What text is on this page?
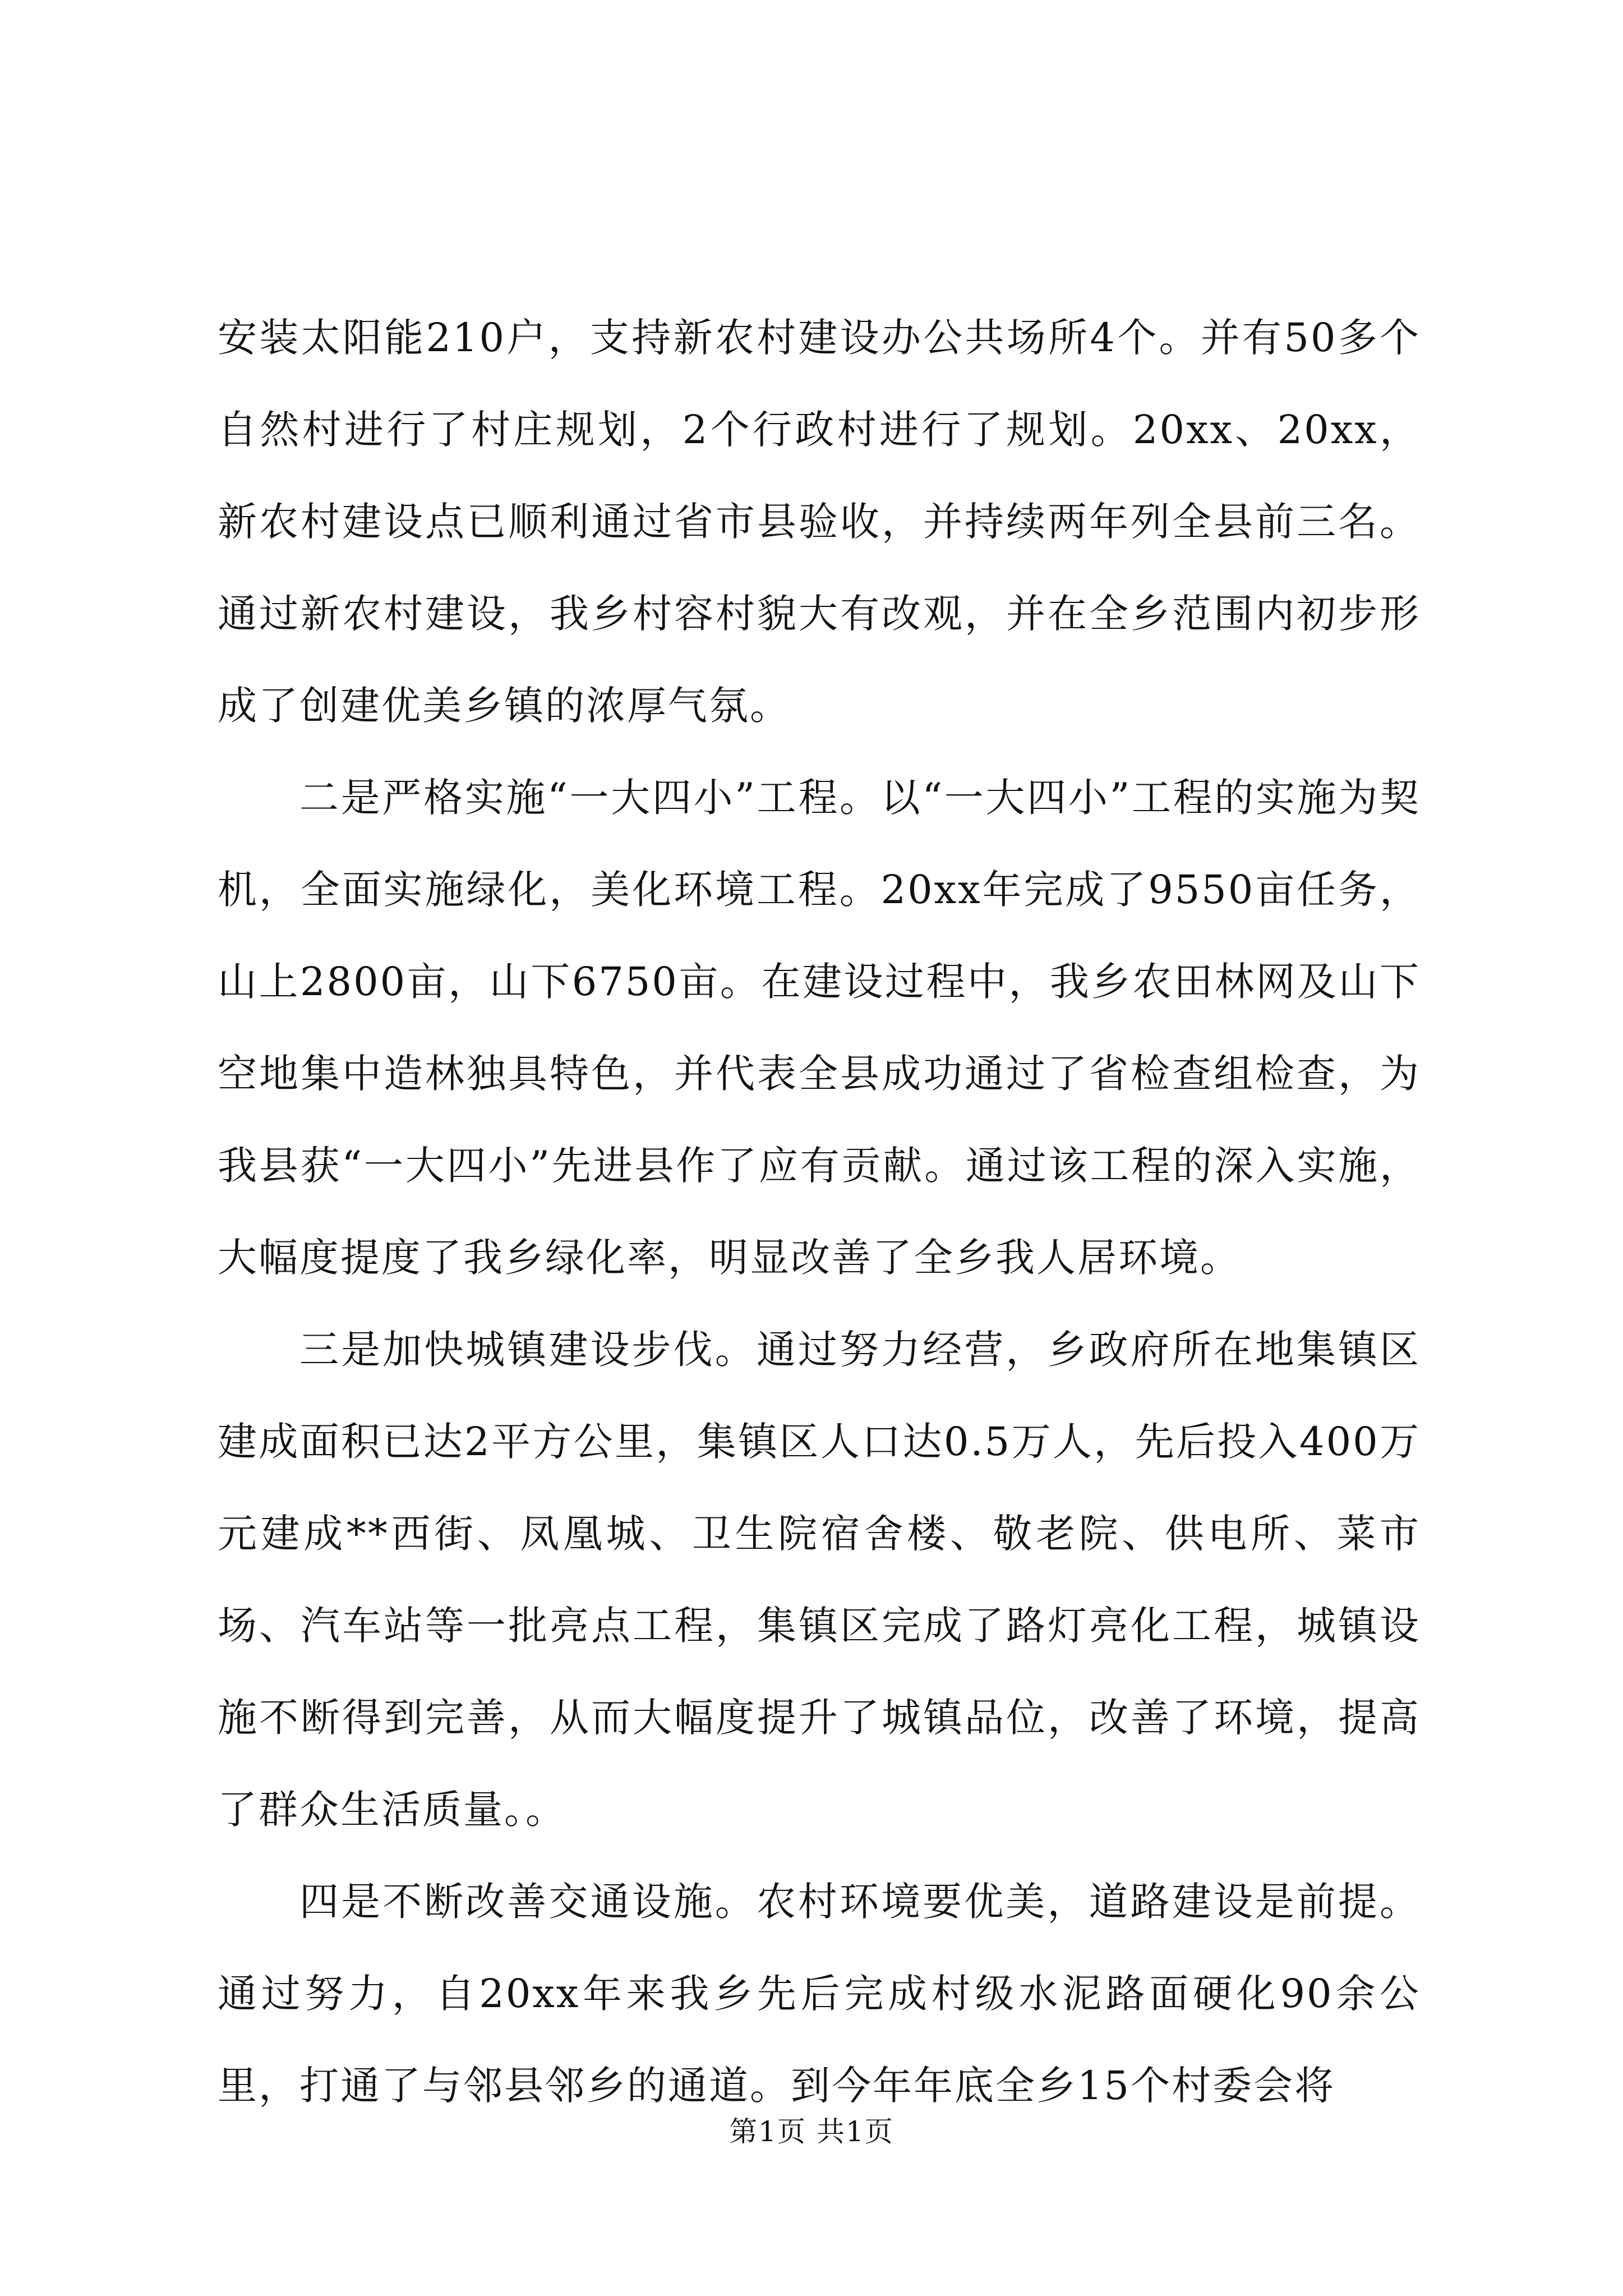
安装太阳能210户，支持新农村建设办公共场所4个。并有50多个自然村进行了村庄规划，2个行政村进行了规划。20xx、20xx，新农村建设点已顺利通过省市县验收，并持续两年列全县前三名。通过新农村建设，我乡村容村貌大有改观，并在全乡范围内初步形成了创建优美乡镇的浓厚气氛。

二是严格实施“一大四小”工程。以“一大四小”工程的实施为契机，全面实施绿化，美化环境工程。20xx年完成了9550亩任务，山上2800亩，山下6750亩。在建设过程中，我乡农田林网及山下空地集中造林独具特色，并代表全县成功通过了省检查组检查，为我县获“一大四小”先进县作了应有贡献。通过该工程的深入实施，大幅度提度了我乡绿化率，明显改善了全乡我人居环境。

三是加快城镇建设步伐。通过努力经营，乡政府所在地集镇区建成面积已达2平方公里，集镇区人口达0.5万人，先后投入400万元建成**西街、凤凰城、卫生院宿舍楼、敬老院、供电所、菜市场、汽车站等一批亮点工程，集镇区完成了路灯亮化工程，城镇设施不断得到完善，从而大幅度提升了城镇品位，改善了环境，提高了群众生活质量。。

四是不断改善交通设施。农村环境要优美，道路建设是前提。通过努力，自20xx年来我乡先后完成村级水泥路面硬化90余公里，打通了与邻县邻乡的通道。到今年年底全乡15个村委会将

第1页 共1页
